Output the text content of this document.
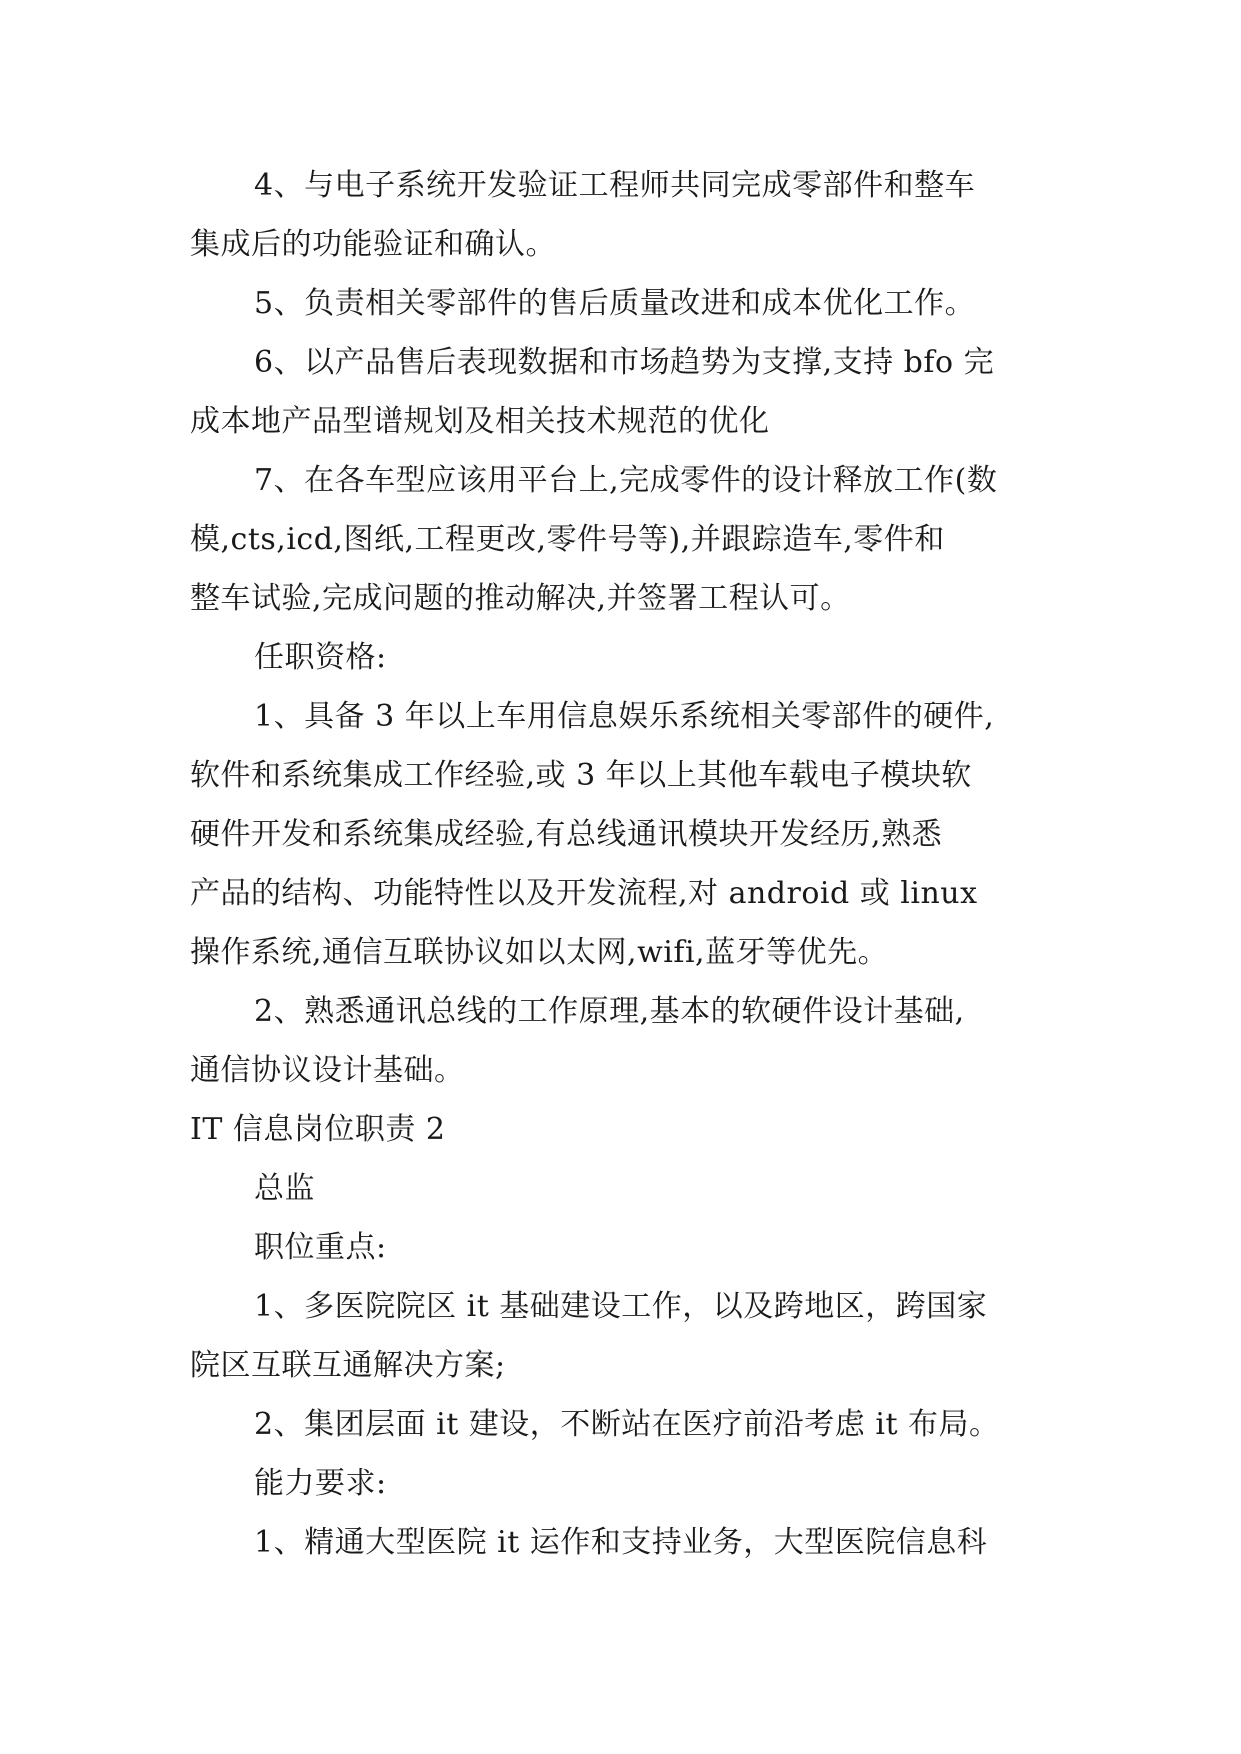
4、与电子系统开发验证工程师共同完成零部件和整车
集成后的功能验证和确认。
5、负责相关零部件的售后质量改进和成本优化工作。
6、以产品售后表现数据和市场趋势为支撑,支持 bfo 完
成本地产品型谱规划及相关技术规范的优化
7、在各车型应该用平台上,完成零件的设计释放工作(数
模,cts,icd,图纸,工程更改,零件号等),并跟踪造车,零件和
整车试验,完成问题的推动解决,并签署工程认可。
任职资格:
1、具备 3 年以上车用信息娱乐系统相关零部件的硬件,
软件和系统集成工作经验,或 3 年以上其他车载电子模块软
硬件开发和系统集成经验,有总线通讯模块开发经历,熟悉
产品的结构、功能特性以及开发流程,对 android 或 linux
操作系统,通信互联协议如以太网,wifi,蓝牙等优先。
2、熟悉通讯总线的工作原理,基本的软硬件设计基础,
通信协议设计基础。
IT 信息岗位职责 2
总监
职位重点:
1、多医院院区 it 基础建设工作，以及跨地区，跨国家
院区互联互通解决方案;
2、集团层面 it 建设，不断站在医疗前沿考虑 it 布局。
能力要求:
1、精通大型医院 it 运作和支持业务，大型医院信息科
